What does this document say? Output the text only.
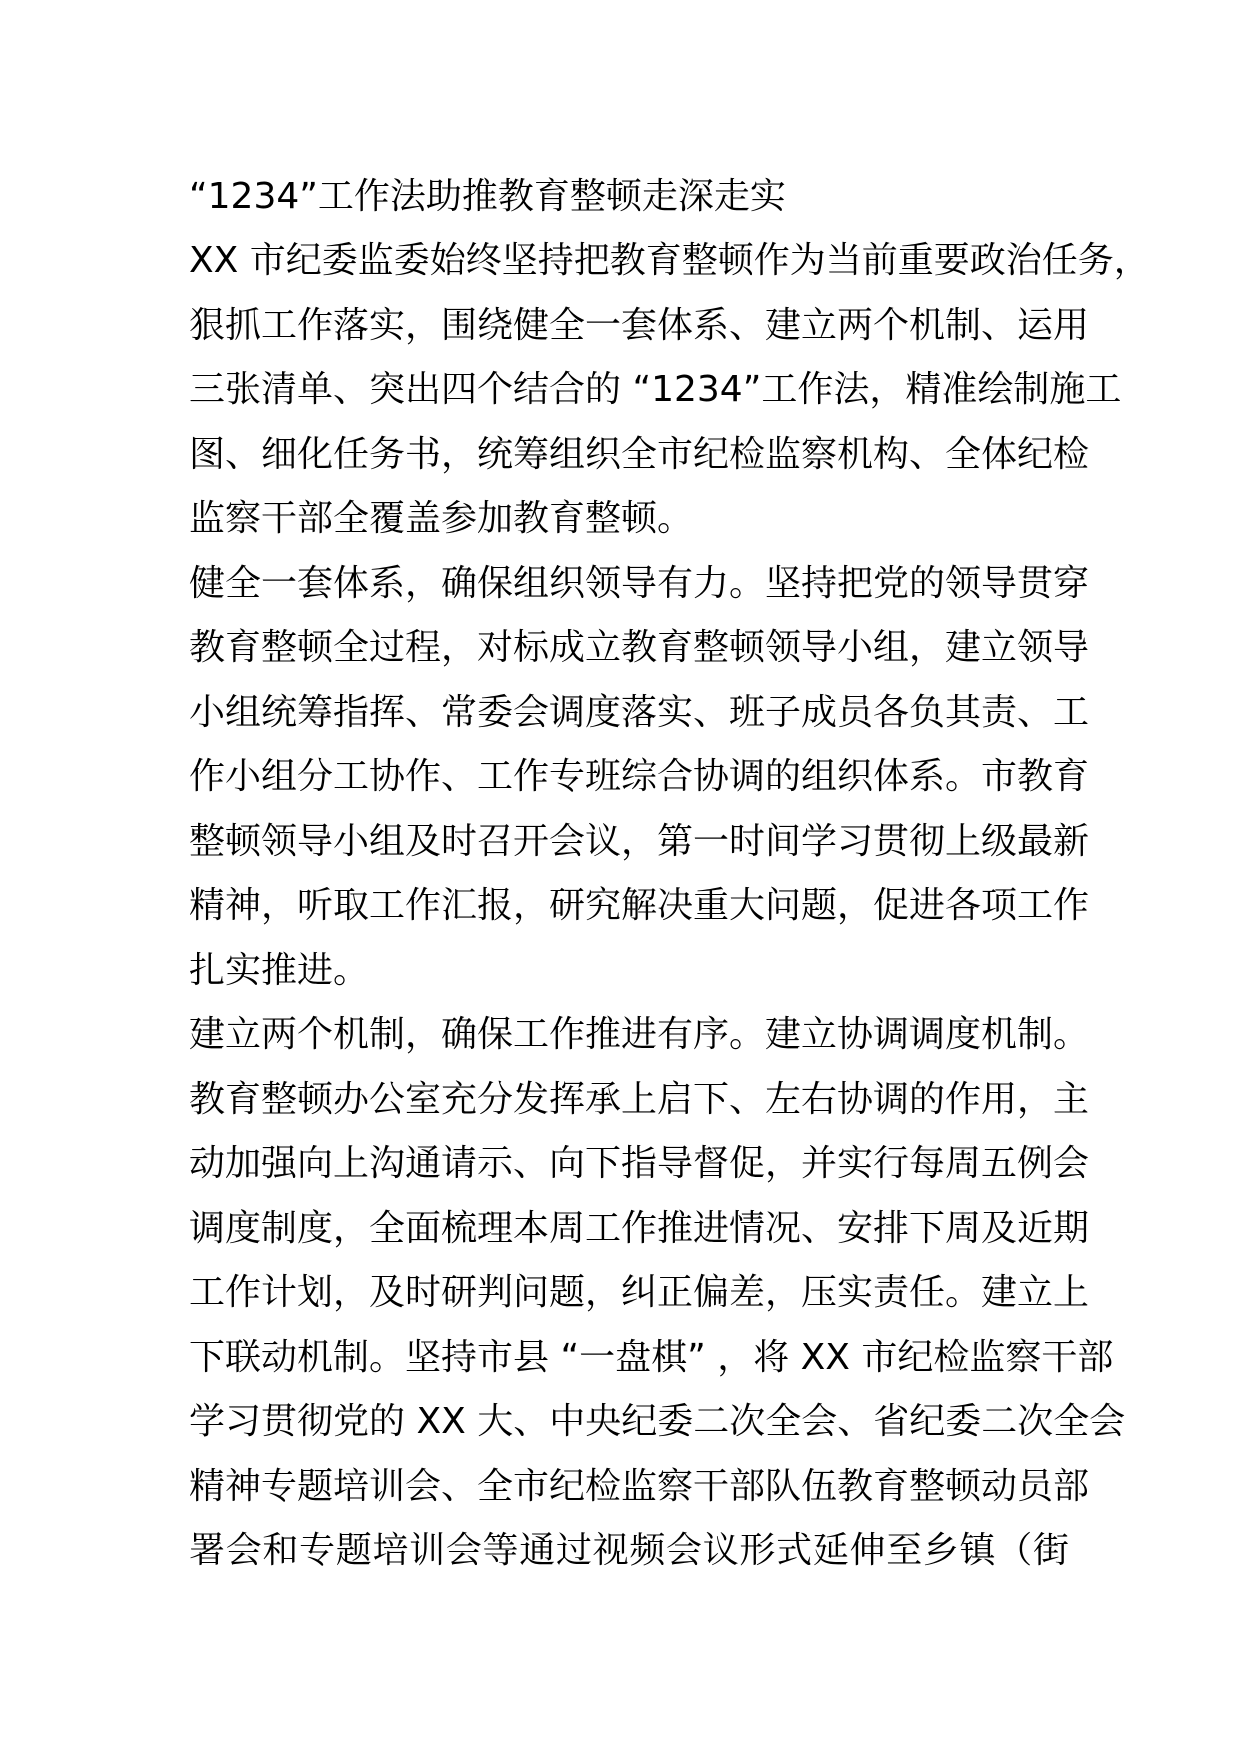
“1234”工作法助推教育整顿走深走实
XX 市纪委监委始终坚持把教育整顿作为当前重要政治任务，
狠抓工作落实，围绕健全一套体系、建立两个机制、运用
三张清单、突出四个结合的 “1234”工作法，精准绘制施工
图、细化任务书，统筹组织全市纪检监察机构、全体纪检
监察干部全覆盖参加教育整顿。
健全一套体系，确保组织领导有力。坚持把党的领导贯穿
教育整顿全过程，对标成立教育整顿领导小组，建立领导
小组统筹指挥、常委会调度落实、班子成员各负其责、工
作小组分工协作、工作专班综合协调的组织体系。市教育
整顿领导小组及时召开会议，第一时间学习贯彻上级最新
精神，听取工作汇报，研究解决重大问题，促进各项工作
扎实推进。
建立两个机制，确保工作推进有序。建立协调调度机制。
教育整顿办公室充分发挥承上启下、左右协调的作用，主
动加强向上沟通请示、向下指导督促，并实行每周五例会
调度制度，全面梳理本周工作推进情况、安排下周及近期
工作计划，及时研判问题，纠正偏差，压实责任。建立上
下联动机制。坚持市县 “一盘棋” ，将 XX 市纪检监察干部
学习贯彻党的 XX 大、中央纪委二次全会、省纪委二次全会
精神专题培训会、全市纪检监察干部队伍教育整顿动员部
署会和专题培训会等通过视频会议形式延伸至乡镇（街
